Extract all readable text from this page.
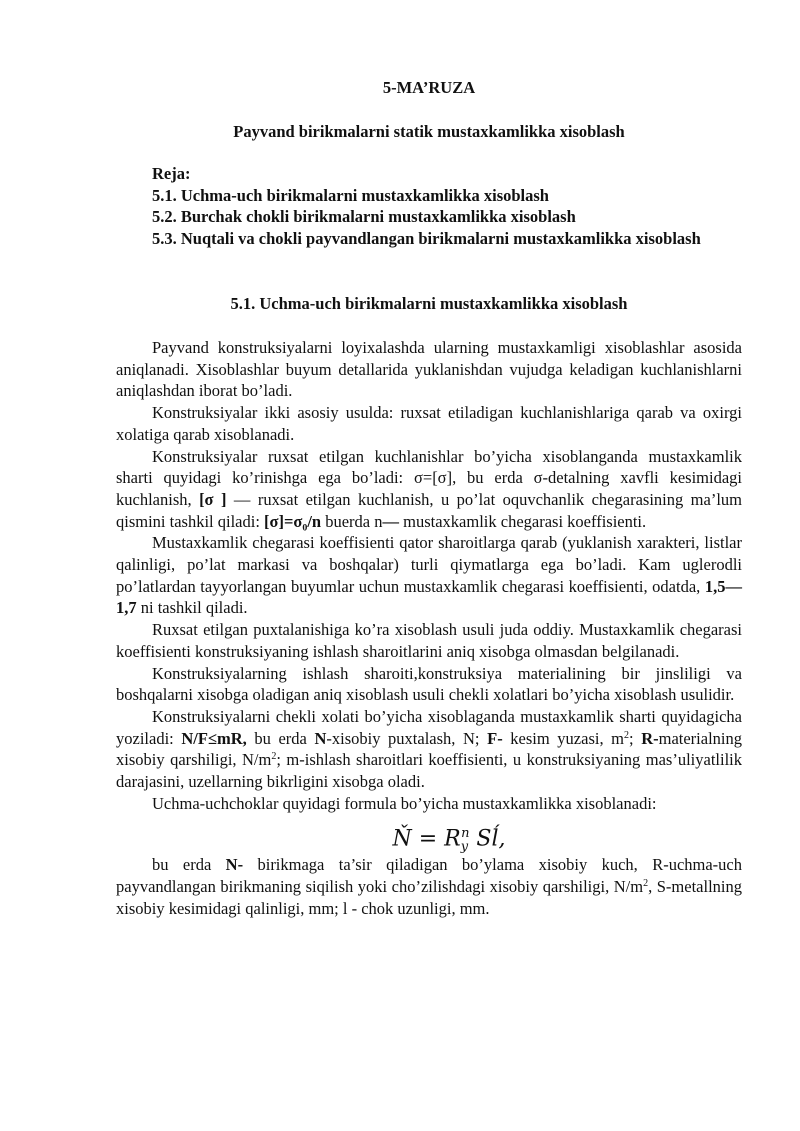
5-MA’RUZA
Payvand birikmalarni statik mustaxkamlikka xisoblash
Reja:
5.1. Uchma-uch birikmalarni mustaxkamlikka xisoblash
5.2. Burchak chokli birikmalarni mustaxkamlikka xisoblash
5.3. Nuqtali va chokli payvandlangan birikmalarni mustaxkamlikka xisoblash
5.1. Uchma-uch birikmalarni mustaxkamlikka xisoblash

Payvand konstruksiyalarni loyixalashda ularning mustaxkamligi xisoblashlar asosida aniqlanadi. Xisoblashlar buyum detallarida yuklanishdan vujudga keladigan kuchlanishlarni aniqlashdan iborat bo’ladi.

Konstruksiyalar ikki asosiy usulda: ruxsat etiladigan kuchlanishlariga qarab va oxirgi xolatiga qarab xisoblanadi.

Konstruksiyalar ruxsat etilgan kuchlanishlar bo’yicha xisoblanganda mustaxkamlik sharti quyidagi ko’rinishga ega bo’ladi: σ=[σ], bu erda σ-detalning xavfli kesimidagi kuchlanish, [σ ] — ruxsat etilgan kuchlanish, u po’lat oquvchanlik chegarasining ma’lum qismini tashkil qiladi: [σ]=σ₀/n buerda n— mustaxkamlik chegarasi koeffisienti.

Mustaxkamlik chegarasi koeffisienti qator sharoitlarga qarab (yuklanish xarakteri, listlar qalinligi, po’lat markasi va boshqalar) turli qiymatlarga ega bo’ladi. Kam uglerodli po’latlardan tayyorlangan buyumlar uchun mustaxkamlik chegarasi koeffisienti, odatda, 1,5—1,7 ni tashkil qiladi.

Ruxsat etilgan puxtalanishiga ko’ra xisoblash usuli juda oddiy. Mustaxkamlik chegarasi koeffisienti konstruksiyaning ishlash sharoitlarini aniq xisobga olmasdan belgilanadi.

Konstruksiyalarning ishlash sharoiti,konstruksiya materialining bir jinsliligi va boshqalarni xisobga oladigan aniq xisoblash usuli chekli xolatlari bo’yicha xisoblash usulidir.

Konstruksiyalarni chekli xolati bo’yicha xisoblaganda mustaxkamlik sharti quyidagicha yoziladi: N/F≤mR, bu erda N-xisobiy puxtalash, N; F- kesim yuzasi, $m^2$; R-materialning xisobiy qarshiligi, $N/m^2$; m-ishlash sharoitlari koeffisienti, u konstruksiyaning mas’uliyatlilik darajasini, uzellarning bikrligini xisobga oladi.

Uchma-uchchoklar quyidagi formula bo’yicha mustaxkamlikka xisoblanadi:

Ň = $R_y^n$ Sĺ,

bu erda N- birikmaga ta’sir qiladigan bo’ylama xisobiy kuch, R-uchma-uch payvandlangan birikmaning siqilish yoki cho’zilishdagi xisobiy qarshiligi, $N/m^2$, S-metallning xisobiy kesimidagi qalinligi, mm; l - chok uzunligi, mm.
